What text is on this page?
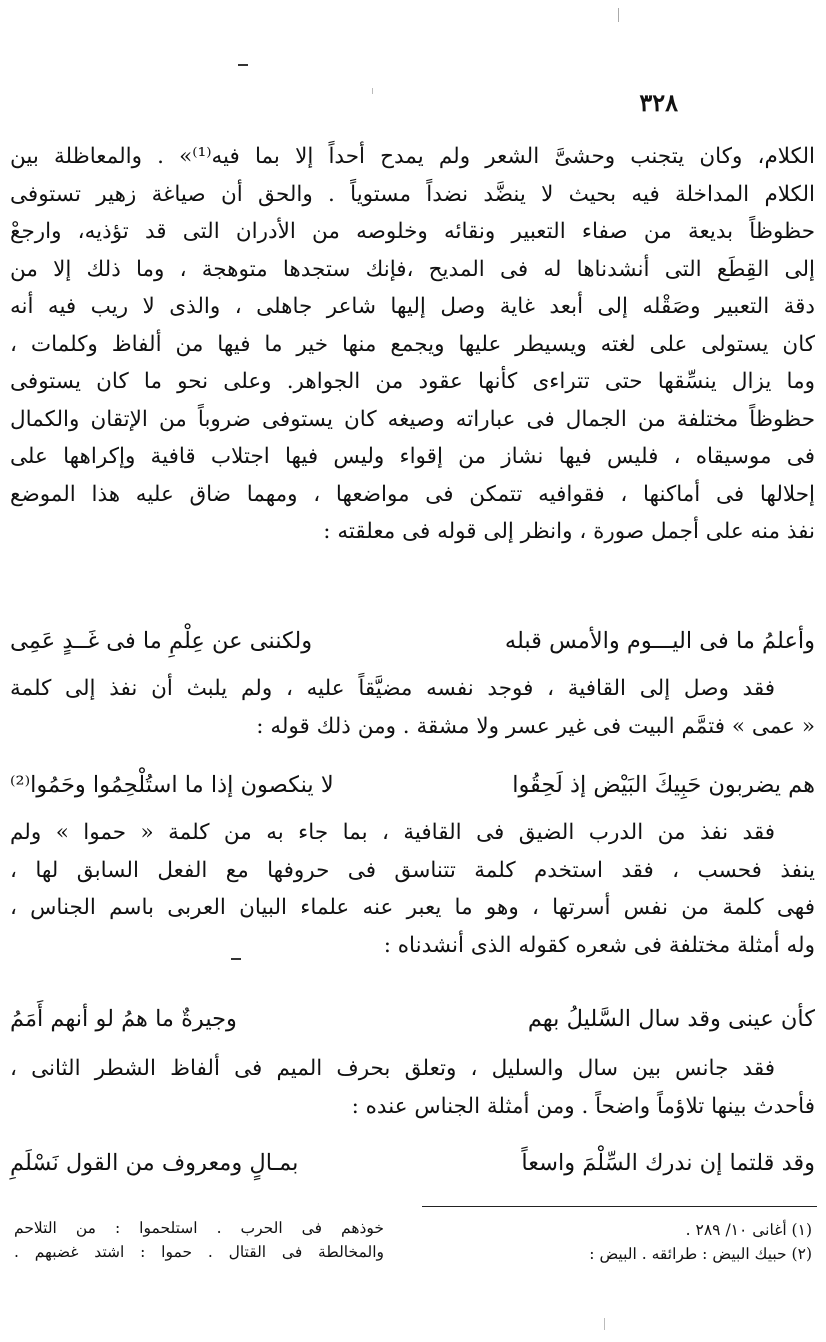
٣٢٨
الكلام، وكان يتجنب وحشىَّ الشعر ولم يمدح أحداً إلا بما فيه⁽¹⁾» . والمعاظلة بين
الكلام المداخلة فيه بحيث لا ينضَّد نضداً مستوياً . والحق أن صياغة زهير تستوفى
حظوظاً بديعة من صفاء التعبير ونقائه وخلوصه من الأدران التى قد تؤذيه، وارجعْ
إلى القِطَع التى أنشدناها له فى المديح ،فإنك ستجدها متوهجة ، وما ذلك إلا من
دقة التعبير وصَقْله إلى أبعد غاية وصل إليها شاعر جاهلى ، والذى لا ريب فيه أنه
كان يستولى على لغته ويسيطر عليها ويجمع منها خير ما فيها من ألفاظ وكلمات ،
وما يزال ينسِّقها حتى تتراءى كأنها عقود من الجواهر. وعلى نحو ما كان يستوفى
حظوظاً مختلفة من الجمال فى عباراته وصيغه كان يستوفى ضروباً من الإتقان والكمال
فى موسيقاه ، فليس فيها نشاز من إقواء وليس فيها اجتلاب قافية وإكراهها على
إحلالها فى أماكنها ، فقوافيه تتمكن فى مواضعها ، ومهما ضاق عليه هذا الموضع
نفذ منه على أجمل صورة ، وانظر إلى قوله فى معلقته :
وأعلمُ ما فى اليـــوم والأمس قبله
ولكننى عن عِلْمِ ما فى غَــدٍ عَمِى
فقد وصل إلى القافية ، فوجد نفسه مضيَّقاً عليه ، ولم يلبث أن نفذ إلى كلمة
« عمى » فتمَّم البيت فى غير عسر ولا مشقة . ومن ذلك قوله :
هم يضربون حَبِيكَ البَيْض إذ لَحِقُوا
لا ينكصون إذا ما استُلْحِمُوا وحَمُوا⁽²⁾
فقد نفذ من الدرب الضيق فى القافية ، بما جاء به من كلمة « حموا » ولم
ينفذ فحسب ، فقد استخدم كلمة تتناسق فى حروفها مع الفعل السابق لها ،
فهى كلمة من نفس أسرتها ، وهو ما يعبر عنه علماء البيان العربى باسم الجناس ،
وله أمثلة مختلفة فى شعره كقوله الذى أنشدناه :
كأن عينى وقد سال السَّليلُ بهم
وجيرةٌ ما همُ لو أنهم أَمَمُ
فقد جانس بين سال والسليل ، وتعلق بحرف الميم فى ألفاظ الشطر الثانى ،
فأحدث بينها تلاؤماً واضحاً . ومن أمثلة الجناس عنده :
وقد قلتما إن ندرك السِّلْمَ واسعاً
بمـالٍ ومعروف من القول نَسْلَمِ
(١) أغانى ١٠/ ٢٨٩ .
(٢) حبيك البيض : طرائقه . البيض :
خوذهم فى الحرب . استلحموا : من التلاحم
والمخالطة فى القتال . حموا : اشتد غضبهم .
